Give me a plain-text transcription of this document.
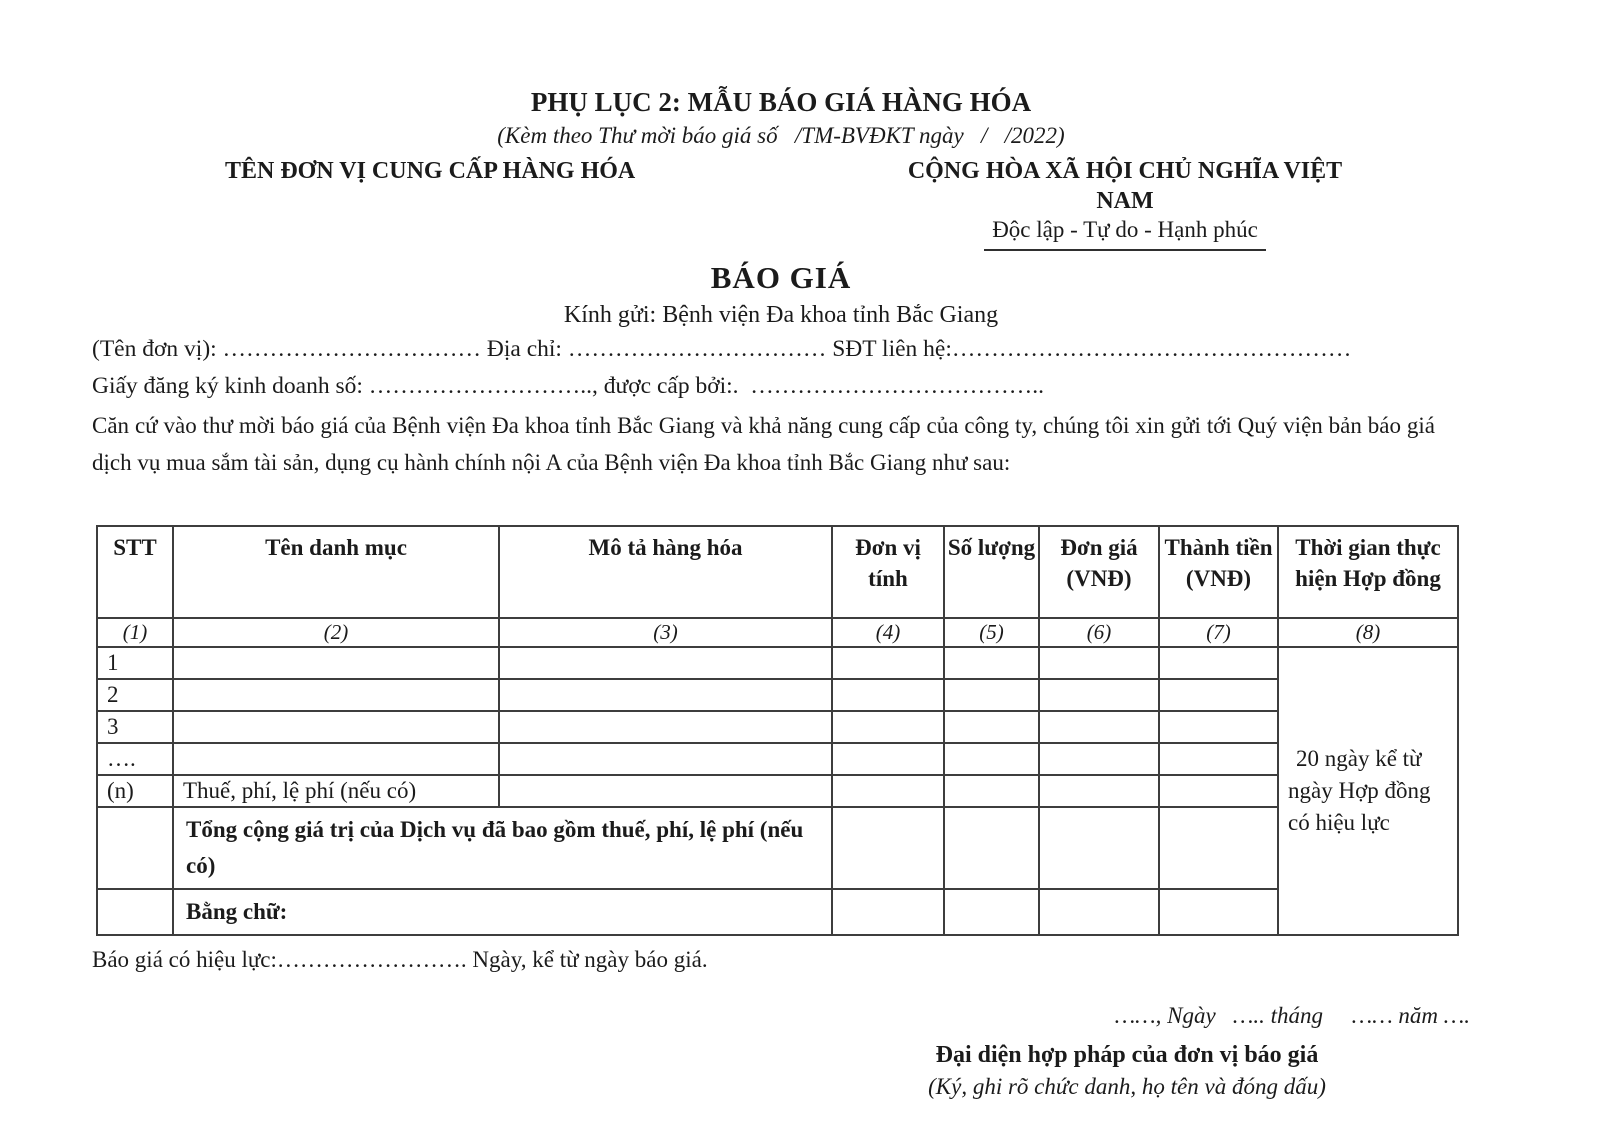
PHỤ LỤC 2: MẪU BÁO GIÁ HÀNG HÓA
(Kèm theo Thư mời báo giá số   /TM-BVĐKT ngày   /   /2022)
TÊN ĐƠN VỊ CUNG CẤP HÀNG HÓA	CỘNG HÒA XÃ HỘI CHỦ NGHĨA VIỆT NAM
Độc lập - Tự do - Hạnh phúc
BÁO GIÁ
Kính gửi: Bệnh viện Đa khoa tỉnh Bắc Giang
(Tên đơn vị): …………………………… Địa chỉ: …………………………… SĐT liên hệ:……………………………………………
Giấy đăng ký kinh doanh số: ……………………….., được cấp bởi:.  ………………………………..

Căn cứ vào thư mời báo giá của Bệnh viện Đa khoa tỉnh Bắc Giang và khả năng cung cấp của công ty, chúng tôi xin gửi tới Quý viện bản báo giá dịch vụ mua sắm tài sản, dụng cụ hành chính nội A của Bệnh viện Đa khoa tỉnh Bắc Giang như sau:

STT	Tên danh mục	Mô tả hàng hóa	Đơn vị tính	Số lượng	Đơn giá (VNĐ)	Thành tiền (VNĐ)	Thời gian thực hiện Hợp đồng
(1)	(2)	(3)	(4)	(5)	(6)	(7)	(8)
1							20 ngày kể từ ngày Hợp đồng có hiệu lực
2							
3							
….							
(n)	Thuế, phí, lệ phí (nếu có)						
	Tổng cộng giá trị của Dịch vụ đã bao gồm thuế, phí, lệ phí (nếu có)						
	Bằng chữ:						
Báo giá có hiệu lực:……………………. Ngày, kể từ ngày báo giá.
……, Ngày   ….. tháng     …… năm ….
Đại diện hợp pháp của đơn vị báo giá
(Ký, ghi rõ chức danh, họ tên và đóng dấu)
